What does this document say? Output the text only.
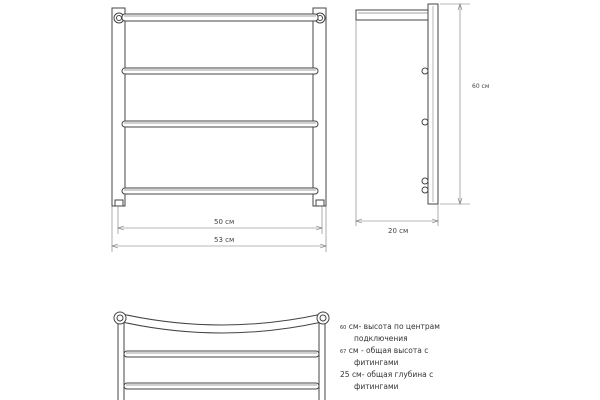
50 см
53 см
20 см
60 см
60 см- высота по центрам
подключения
67 см - общая высота с
фитингами
25 см- общая глубина с
фитингами
